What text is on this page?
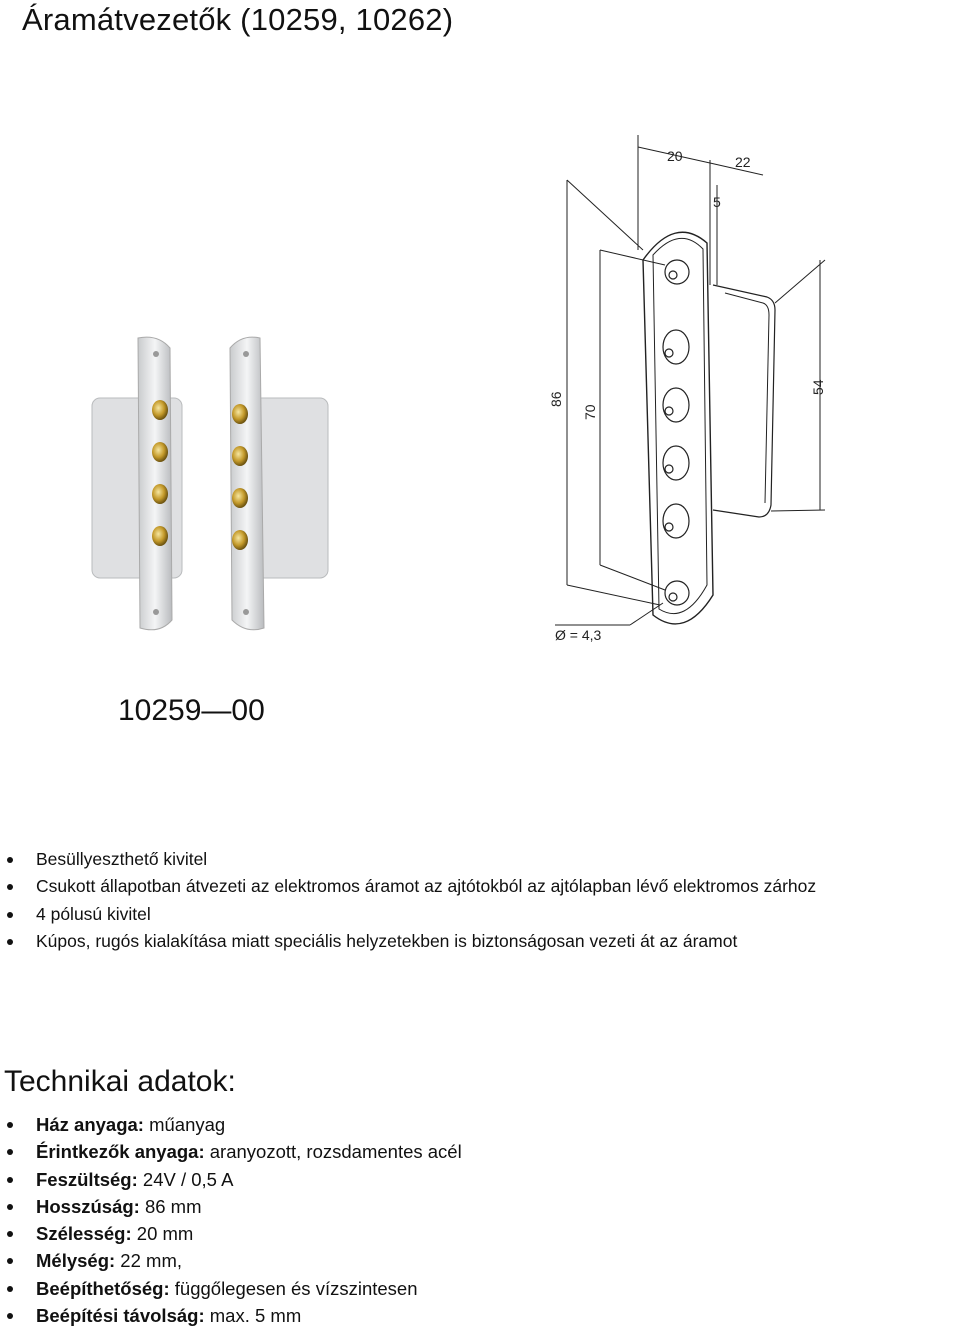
Áramátvezetők (10259, 10262)
20	22
5
86
70
54
Ø = 4,3
10259—00
Besüllyeszthető kivitel
Csukott állapotban átvezeti az elektromos áramot az ajtótokból az ajtólapban lévő elektromos zárhoz
4 pólusú kivitel
Kúpos, rugós kialakítása miatt speciális helyzetekben is biztonságosan vezeti át az áramot
Technikai adatok:
Ház anyaga: műanyag
Érintkezők anyaga: aranyozott, rozsdamentes acél
Feszültség: 24V / 0,5 A
Hosszúság: 86 mm
Szélesség: 20 mm
Mélység: 22 mm,
Beépíthetőség: függőlegesen és vízszintesen
Beépítési távolság: max. 5 mm
